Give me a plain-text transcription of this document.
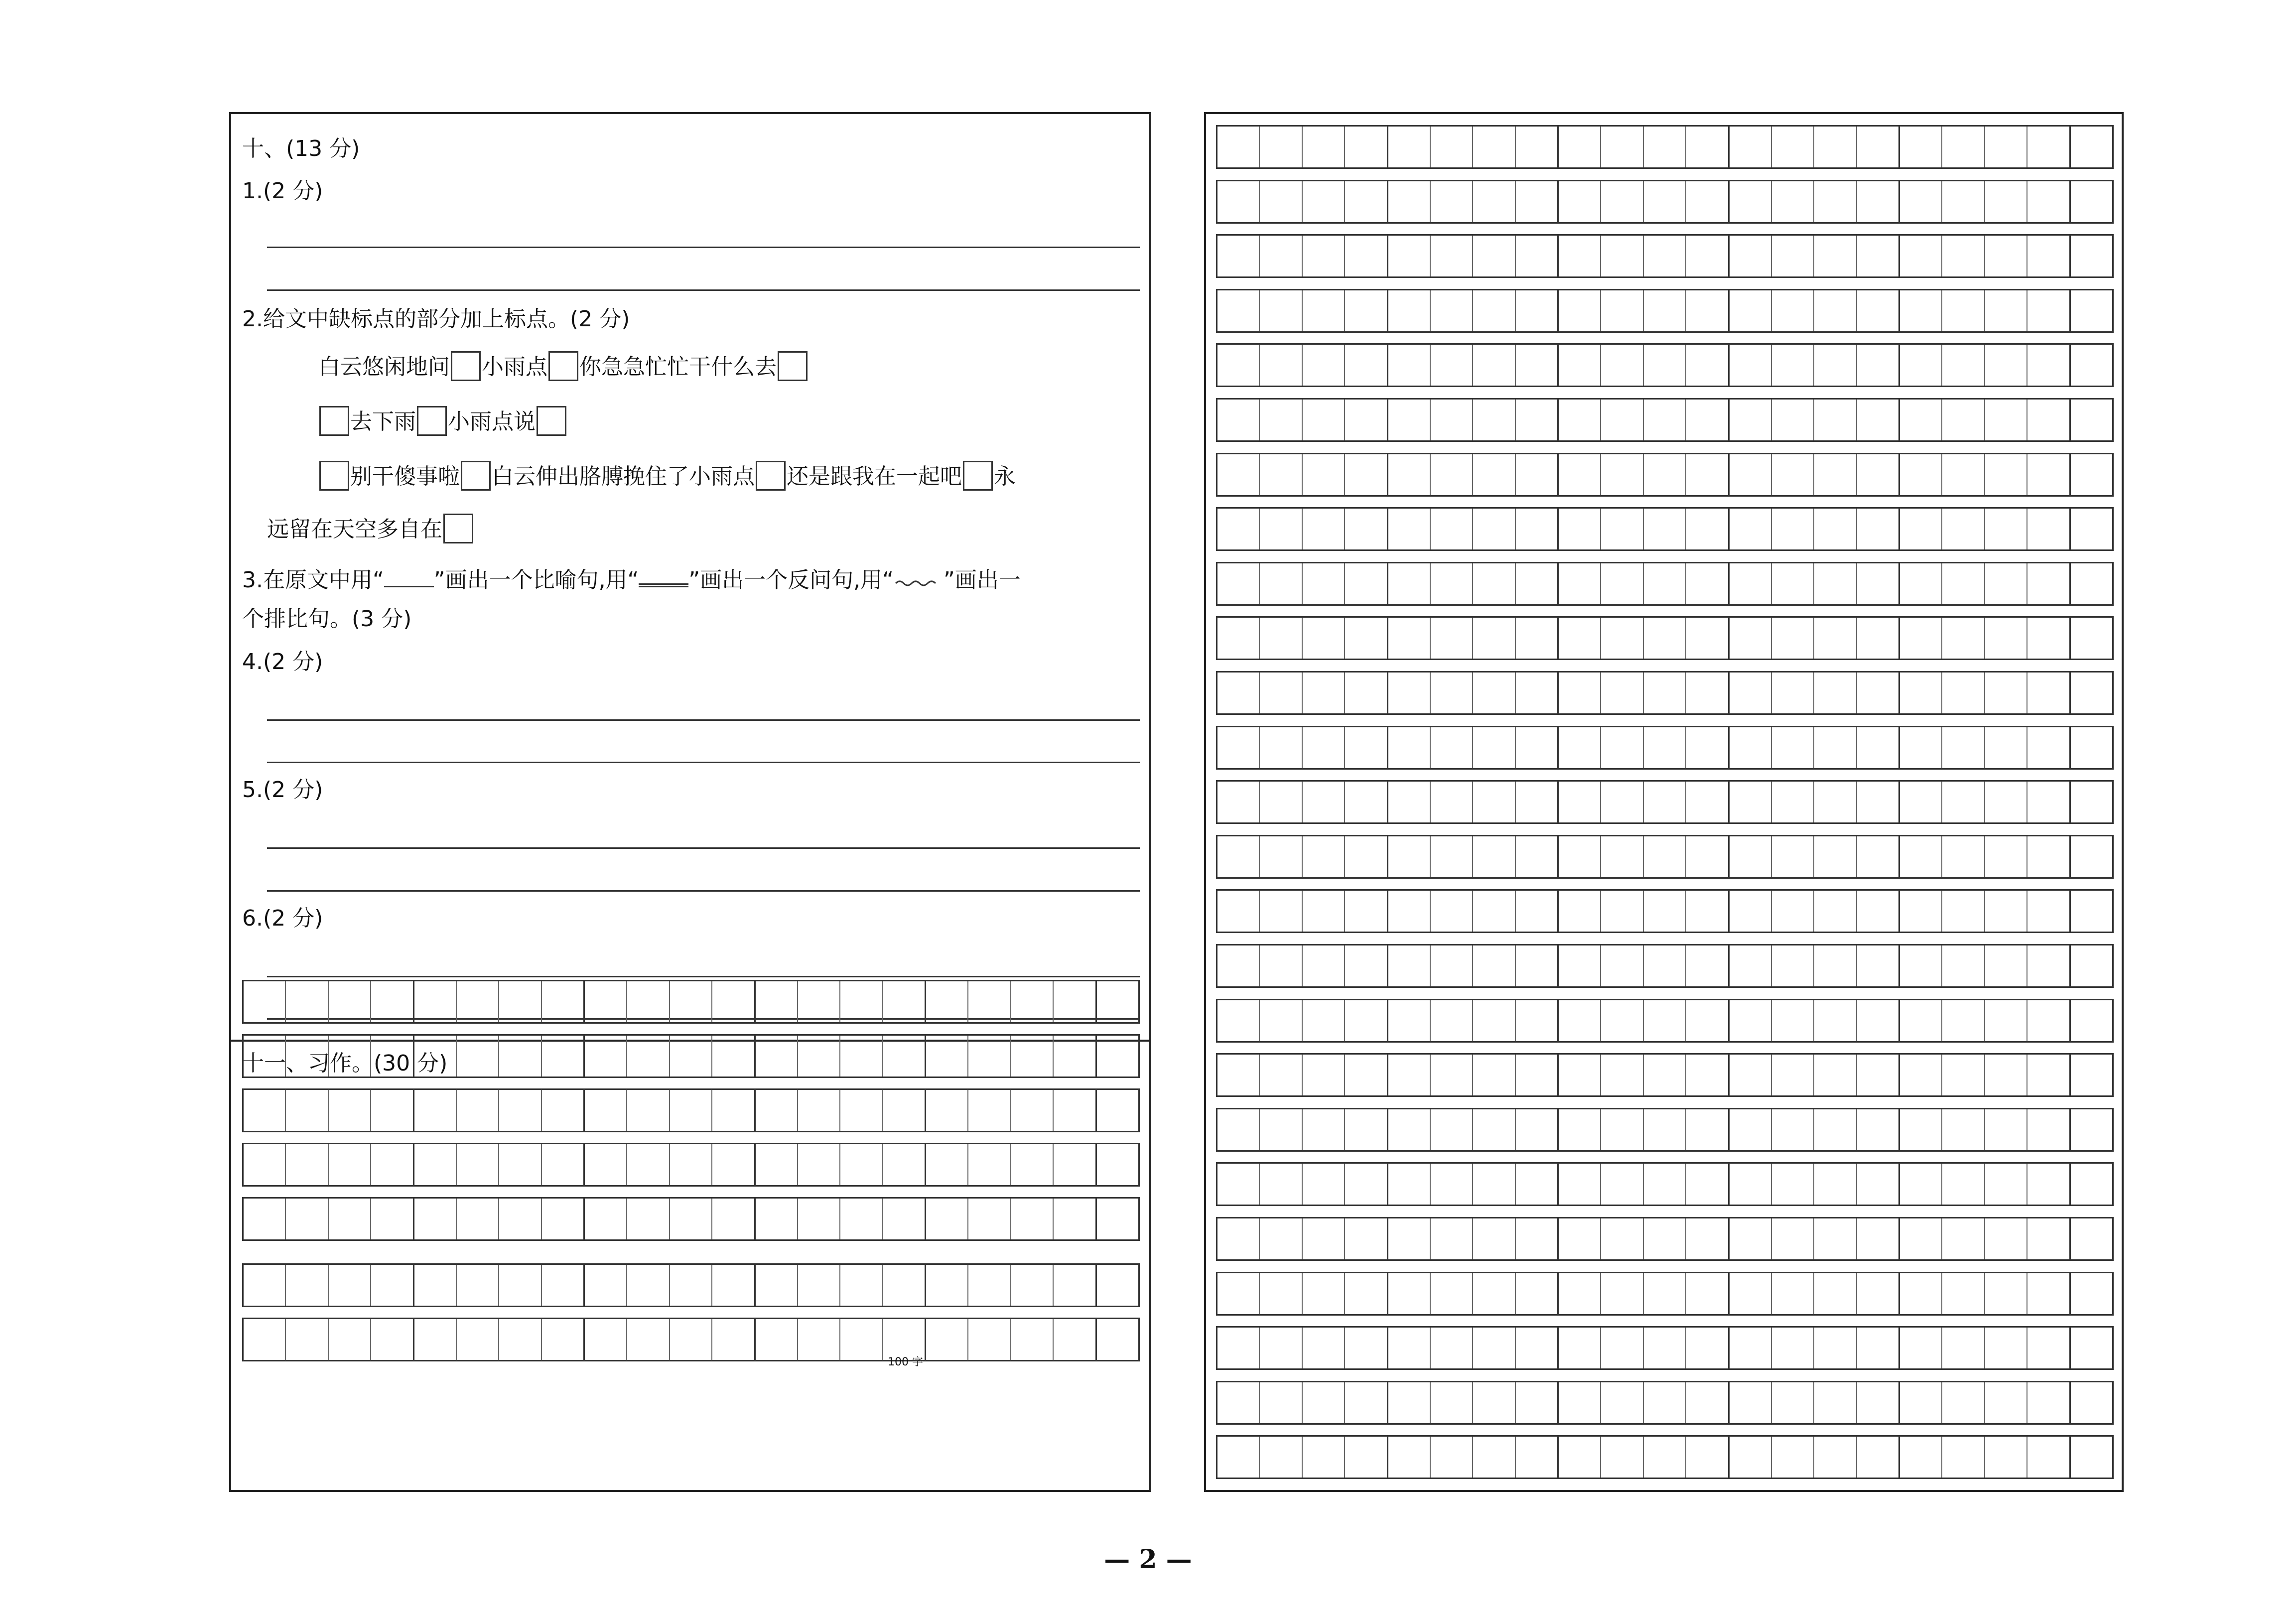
十、(13 分)
1.(2 分)
2.给文中缺标点的部分加上标点。(2 分)
白云悠闲地问 小雨点 你急急忙忙干什么去
去下雨 小雨点说
别干傻事啦 白云伸出胳膊挽住了小雨点 还是跟我在一起吧 永
远留在天空多自在
3.在原文中用“ ”画出一个比喻句,用“ ”画出一个反问句,用“ ”画出一
个排比句。(3 分)
4.(2 分)
5.(2 分)
6.(2 分)
十一、习作。(30 分)
100 字
— 2 —
